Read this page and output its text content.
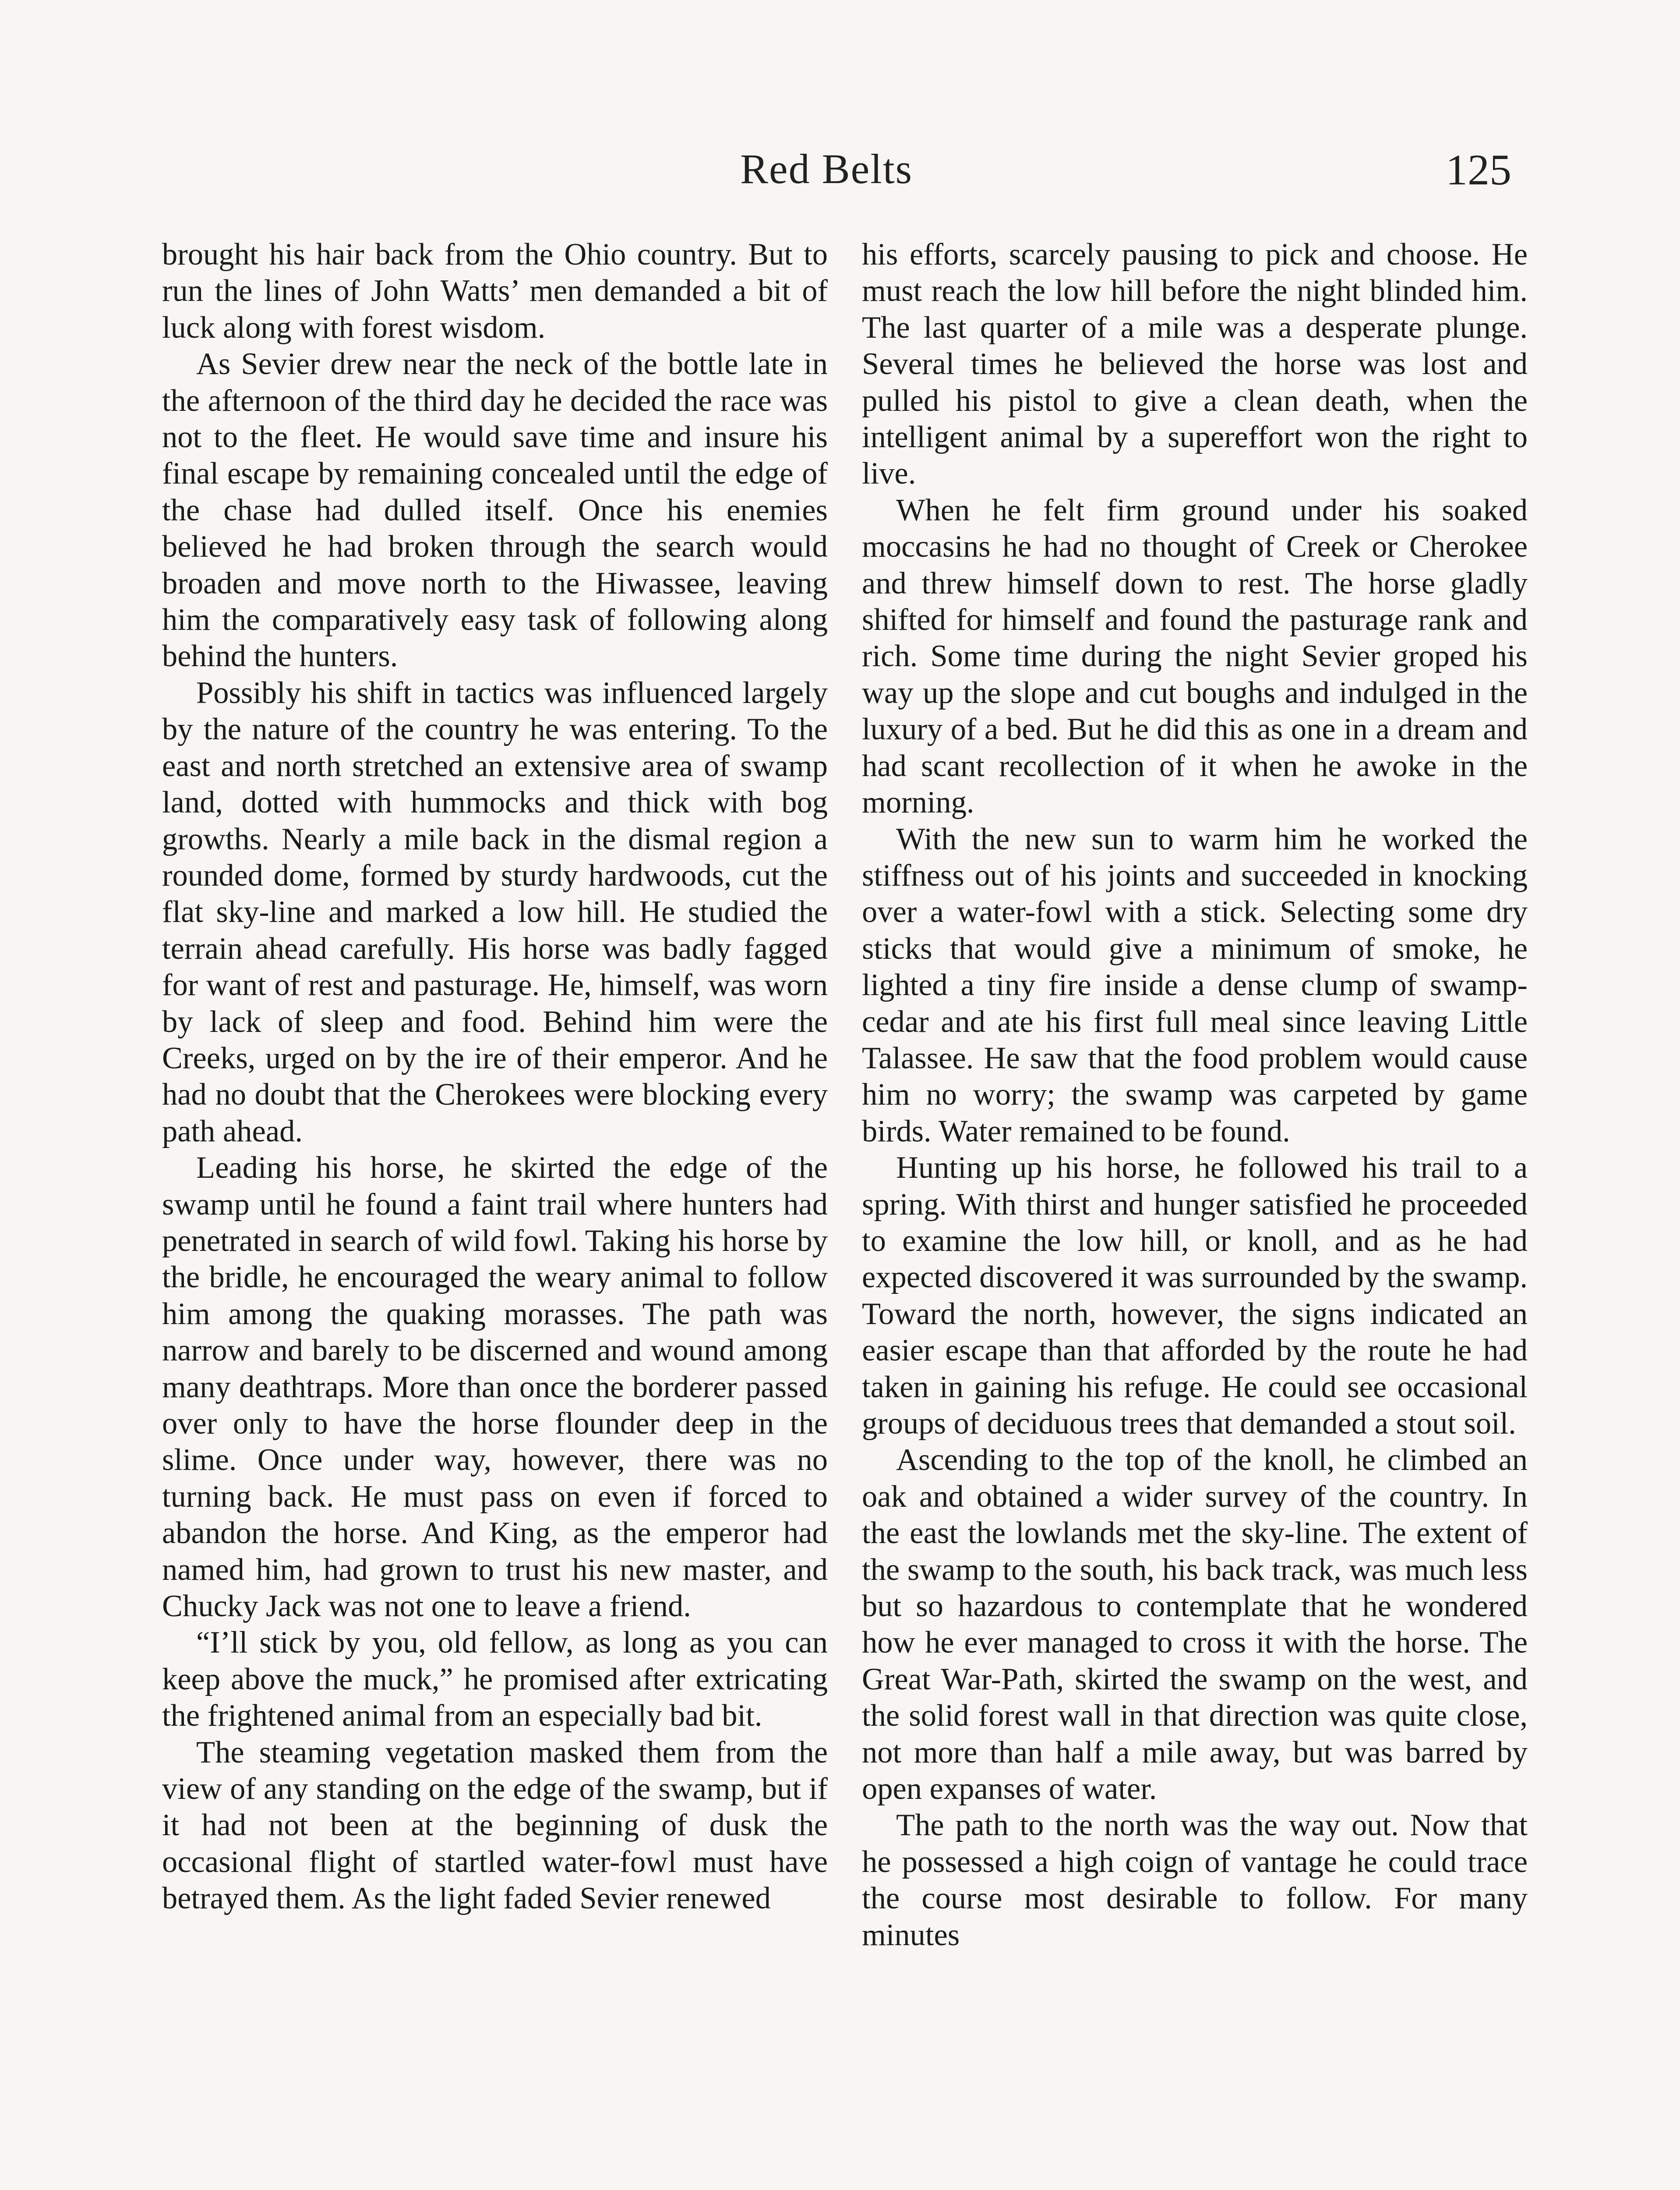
Red Belts	125

brought his hair back from the Ohio country. But to run the lines of John Watts’ men demanded a bit of luck along with forest wisdom.

As Sevier drew near the neck of the bottle late in the afternoon of the third day he decided the race was not to the fleet. He would save time and insure his final escape by remaining concealed until the edge of the chase had dulled itself. Once his enemies believed he had broken through the search would broaden and move north to the Hiwassee, leaving him the comparatively easy task of following along behind the hunters.

Possibly his shift in tactics was influenced largely by the nature of the country he was entering. To the east and north stretched an extensive area of swamp land, dotted with hummocks and thick with bog growths. Nearly a mile back in the dismal region a rounded dome, formed by sturdy hardwoods, cut the flat sky-line and marked a low hill. He studied the terrain ahead carefully. His horse was badly fagged for want of rest and pasturage. He, himself, was worn by lack of sleep and food. Behind him were the Creeks, urged on by the ire of their emperor. And he had no doubt that the Cherokees were blocking every path ahead.

Leading his horse, he skirted the edge of the swamp until he found a faint trail where hunters had penetrated in search of wild fowl. Taking his horse by the bridle, he encouraged the weary animal to follow him among the quaking morasses. The path was narrow and barely to be discerned and wound among many deathtraps. More than once the borderer passed over only to have the horse flounder deep in the slime. Once under way, however, there was no turning back. He must pass on even if forced to abandon the horse. And King, as the emperor had named him, had grown to trust his new master, and Chucky Jack was not one to leave a friend.

“I’ll stick by you, old fellow, as long as you can keep above the muck,” he promised after extricating the frightened animal from an especially bad bit.

The steaming vegetation masked them from the view of any standing on the edge of the swamp, but if it had not been at the beginning of dusk the occasional flight of startled water-fowl must have betrayed them. As the light faded Sevier renewed

his efforts, scarcely pausing to pick and choose. He must reach the low hill before the night blinded him. The last quarter of a mile was a desperate plunge. Several times he believed the horse was lost and pulled his pistol to give a clean death, when the intelligent animal by a supereffort won the right to live.

When he felt firm ground under his soaked moccasins he had no thought of Creek or Cherokee and threw himself down to rest. The horse gladly shifted for himself and found the pasturage rank and rich. Some time during the night Sevier groped his way up the slope and cut boughs and indulged in the luxury of a bed. But he did this as one in a dream and had scant recollection of it when he awoke in the morning.

With the new sun to warm him he worked the stiffness out of his joints and succeeded in knocking over a water-fowl with a stick. Selecting some dry sticks that would give a minimum of smoke, he lighted a tiny fire inside a dense clump of swamp-cedar and ate his first full meal since leaving Little Talassee. He saw that the food problem would cause him no worry; the swamp was carpeted by game birds. Water remained to be found.

Hunting up his horse, he followed his trail to a spring. With thirst and hunger satisfied he proceeded to examine the low hill, or knoll, and as he had expected discovered it was surrounded by the swamp. Toward the north, however, the signs indicated an easier escape than that afforded by the route he had taken in gaining his refuge. He could see occasional groups of deciduous trees that demanded a stout soil.

Ascending to the top of the knoll, he climbed an oak and obtained a wider survey of the country. In the east the lowlands met the sky-line. The extent of the swamp to the south, his back track, was much less but so hazardous to contemplate that he wondered how he ever managed to cross it with the horse. The Great War-Path, skirted the swamp on the west, and the solid forest wall in that direction was quite close, not more than half a mile away, but was barred by open expanses of water.

The path to the north was the way out. Now that he possessed a high coign of vantage he could trace the course most desirable to follow. For many minutes
